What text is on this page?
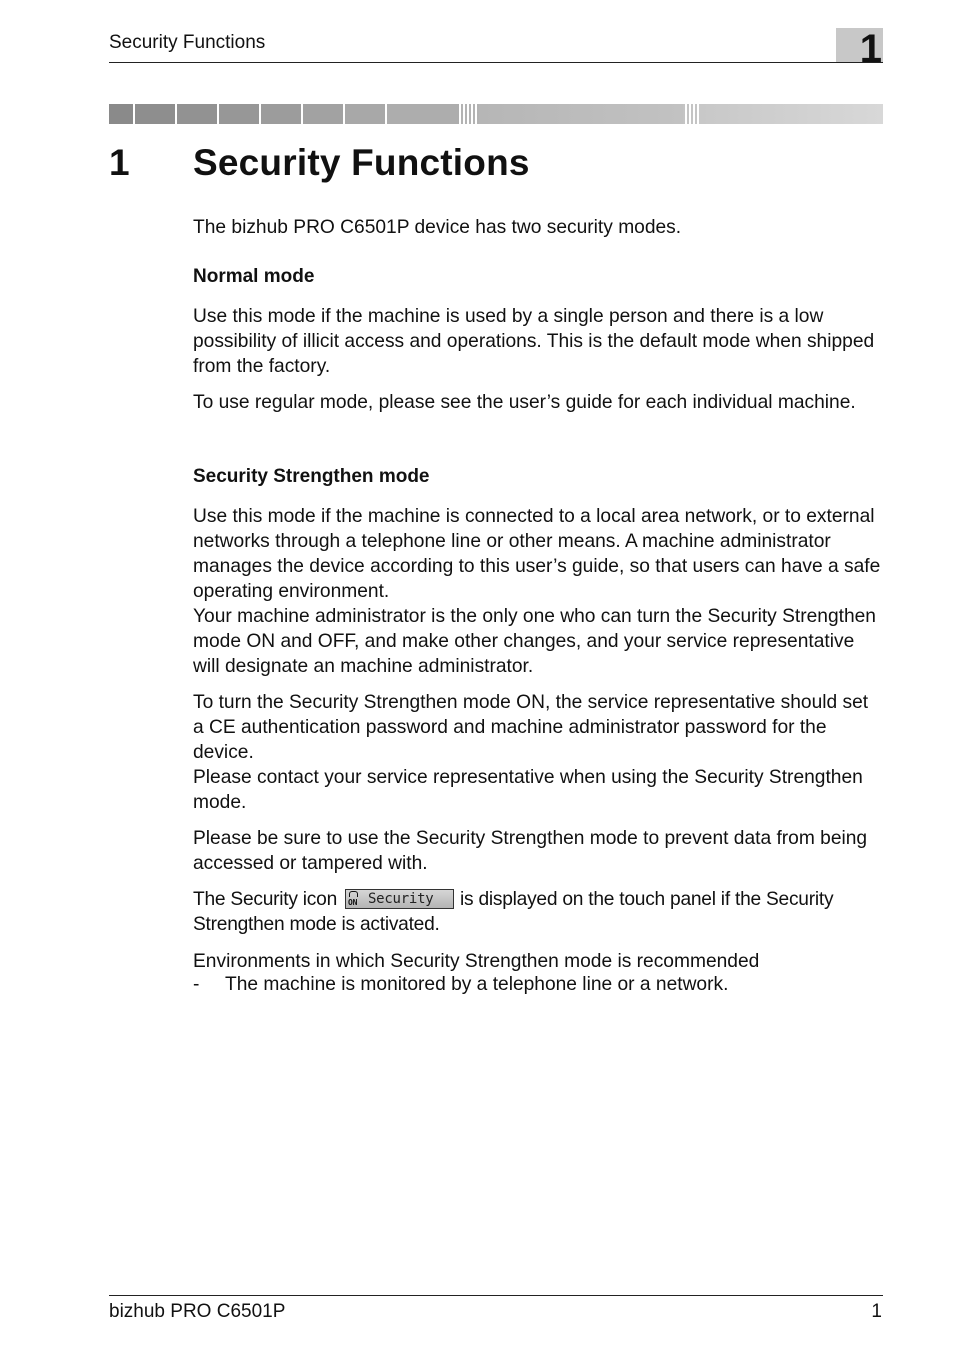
Security Functions	1
1 Security Functions
The bizhub PRO C6501P device has two security modes.
Normal mode
Use this mode if the machine is used by a single person and there is a low possibility of illicit access and operations. This is the default mode when shipped from the factory.
To use regular mode, please see the user’s guide for each individual machine.
Security Strengthen mode
Use this mode if the machine is connected to a local area network, or to external networks through a telephone line or other means. A machine administrator manages the device according to this user’s guide, so that users can have a safe operating environment.
Your machine administrator is the only one who can turn the Security Strengthen mode ON and OFF, and make other changes, and your service representative will designate an machine administrator.
To turn the Security Strengthen mode ON, the service representative should set a CE authentication password and machine administrator password for the device.
Please contact your service representative when using the Security Strengthen mode.
Please be sure to use the Security Strengthen mode to prevent data from being accessed or tampered with.
The Security icon ON Security is displayed on the touch panel if the Security Strengthen mode is activated.
Environments in which Security Strengthen mode is recommended
- The machine is monitored by a telephone line or a network.
bizhub PRO C6501P	1
